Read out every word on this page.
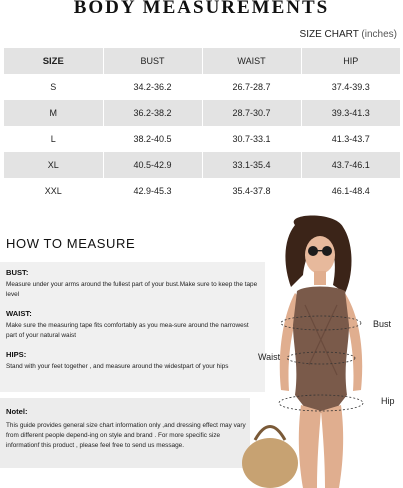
BODY MEASUREMENTS
SIZE CHART (inches)
SIZE	BUST	WAIST	HIP
S	34.2-36.2	26.7-28.7	37.4-39.3
M	36.2-38.2	28.7-30.7	39.3-41.3
L	38.2-40.5	30.7-33.1	41.3-43.7
XL	40.5-42.9	33.1-35.4	43.7-46.1
XXL	42.9-45.3	35.4-37.8	46.1-48.4
HOW TO MEASURE
BUST:
Measure under your arms around the fullest part of your bust.Make sure to keep the tape level
WAIST:
Make sure the measuring tape fits comfortably as you mea-sure around the narrowest part of your natural waist
HIPS:
Stand with your feet together , and measure around the widestpart of your hips
Notel:
This guide provides general size chart information only ,and dressing effect may vary from different people depend-ing on style and brand . For more specific size informationf this product , please feel free to send us message.
Bust
Waist
Hip
